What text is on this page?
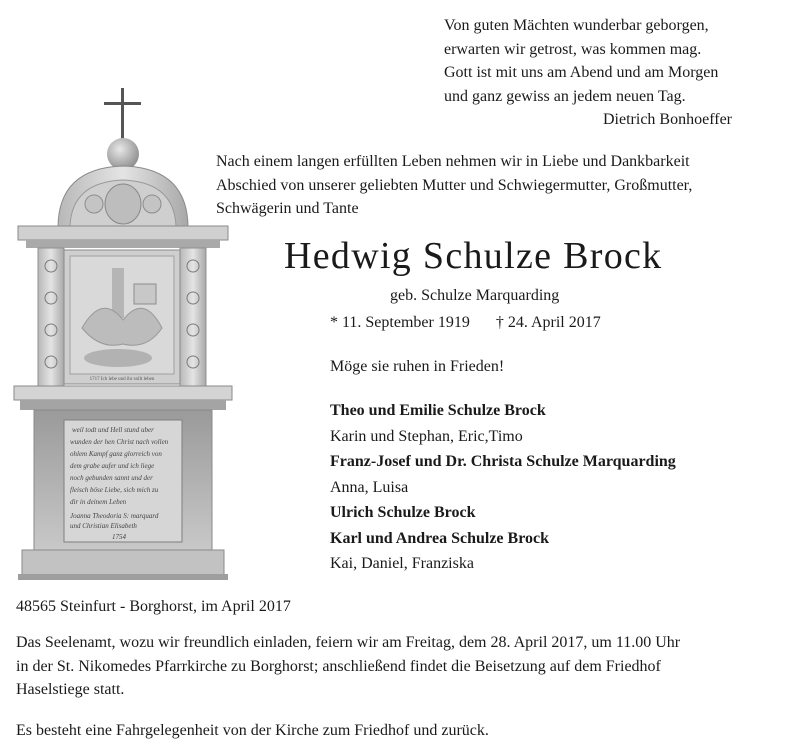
1717 Ich lebe und ihr sollt leben
weil todt und Hell stund uber
wunden der hen Christ nach vollen
ohlem Kampf ganz glorreich von
dem grabe aufer und ich liege
noch gebunden sannt und der
fleisch böse Liebe, sich mich zu
dir in deinem Leben
Joanna Theodoria S: marquard
und Christian Elisabeth
1754
Von guten Mächten wunderbar geborgen,
erwarten wir getrost, was kommen mag.
Gott ist mit uns am Abend und am Morgen
und ganz gewiss an jedem neuen Tag.
Dietrich Bonhoeffer
Nach einem langen erfüllten Leben nehmen wir in Liebe und Dankbarkeit
Abschied von unserer geliebten Mutter und Schwiegermutter, Großmutter,
Schwägerin und Tante
Hedwig Schulze Brock
geb. Schulze Marquarding
* 11. September 1919 † 24. April 2017
Möge sie ruhen in Frieden!
Theo und Emilie Schulze Brock
Karin und Stephan, Eric,Timo
Franz-Josef und Dr. Christa Schulze Marquarding
Anna, Luisa
Ulrich Schulze Brock
Karl und Andrea Schulze Brock
Kai, Daniel, Franziska
48565 Steinfurt - Borghorst, im April 2017
Das Seelenamt, wozu wir freundlich einladen, feiern wir am Freitag, dem 28. April 2017, um 11.00 Uhr
in der St. Nikomedes Pfarrkirche zu Borghorst; anschließend findet die Beisetzung auf dem Friedhof
Haselstiege statt.
Es besteht eine Fahrgelegenheit von der Kirche zum Friedhof und zurück.
